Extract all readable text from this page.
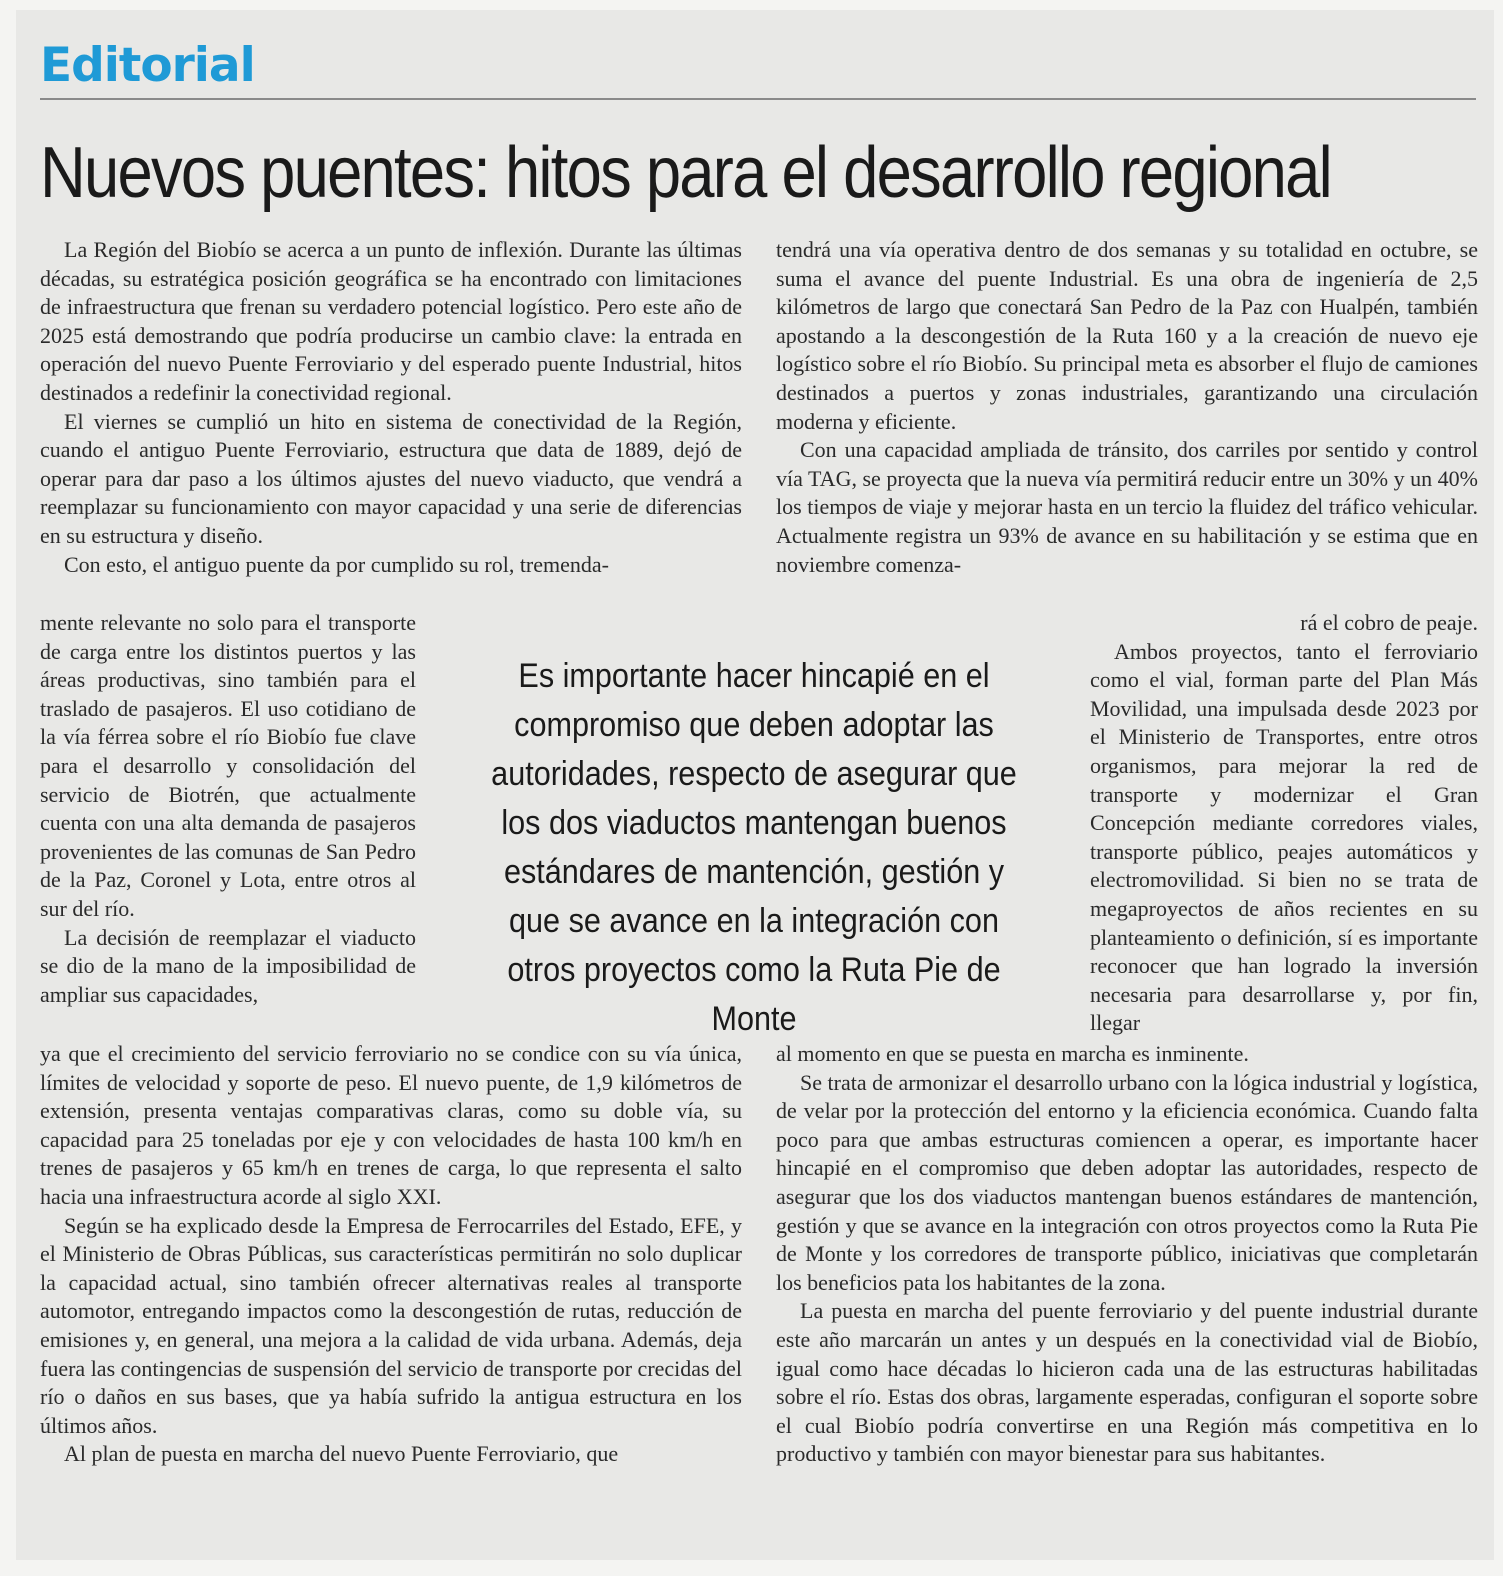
Editorial
Nuevos puentes: hitos para el desarrollo regional

La Región del Biobío se acerca a un punto de inflexión. Durante las últimas décadas, su estratégica posición geográfica se ha encontrado con limitaciones de infraestructura que frenan su verdadero potencial logístico. Pero este año de 2025 está demostrando que podría producirse un cambio clave: la entrada en operación del nuevo Puente Ferroviario y del esperado puente Industrial, hitos destinados a redefinir la conectividad regional.

El viernes se cumplió un hito en sistema de conectividad de la Región, cuando el antiguo Puente Ferroviario, estructura que data de 1889, dejó de operar para dar paso a los últimos ajustes del nuevo viaducto, que vendrá a reemplazar su funcionamiento con mayor capacidad y una serie de diferencias en su estructura y diseño.

Con esto, el antiguo puente da por cumplido su rol, tremenda-

mente relevante no solo para el transporte de carga entre los distintos puertos y las áreas productivas, sino también para el traslado de pasajeros. El uso cotidiano de la vía férrea sobre el río Biobío fue clave para el desarrollo y consolidación del servicio de Biotrén, que actualmente cuenta con una alta demanda de pasajeros provenientes de las comunas de San Pedro de la Paz, Coronel y Lota, entre otros al sur del río.

La decisión de reemplazar el viaducto se dio de la mano de la imposibilidad de ampliar sus capacidades,

ya que el crecimiento del servicio ferroviario no se condice con su vía única, límites de velocidad y soporte de peso. El nuevo puente, de 1,9 kilómetros de extensión, presenta ventajas comparativas claras, como su doble vía, su capacidad para 25 toneladas por eje y con velocidades de hasta 100 km/h en trenes de pasajeros y 65 km/h en trenes de carga, lo que representa el salto hacia una infraestructura acorde al siglo XXI.

Según se ha explicado desde la Empresa de Ferrocarriles del Estado, EFE, y el Ministerio de Obras Públicas, sus características permitirán no solo duplicar la capacidad actual, sino también ofrecer alternativas reales al transporte automotor, entregando impactos como la descongestión de rutas, reducción de emisiones y, en general, una mejora a la calidad de vida urbana. Además, deja fuera las contingencias de suspensión del servicio de transporte por crecidas del río o daños en sus bases, que ya había sufrido la antigua estructura en los últimos años.

Al plan de puesta en marcha del nuevo Puente Ferroviario, que

tendrá una vía operativa dentro de dos semanas y su totalidad en octubre, se suma el avance del puente Industrial. Es una obra de ingeniería de 2,5 kilómetros de largo que conectará San Pedro de la Paz con Hualpén, también apostando a la descongestión de la Ruta 160 y a la creación de nuevo eje logístico sobre el río Biobío. Su principal meta es absorber el flujo de camiones destinados a puertos y zonas industriales, garantizando una circulación moderna y eficiente.

Con una capacidad ampliada de tránsito, dos carriles por sentido y control vía TAG, se proyecta que la nueva vía permitirá reducir entre un 30% y un 40% los tiempos de viaje y mejorar hasta en un tercio la fluidez del tráfico vehicular. Actualmente registra un 93% de avance en su habilitación y se estima que en noviembre comenza-

rá el cobro de peaje.

Ambos proyectos, tanto el ferroviario como el vial, forman parte del Plan Más Movilidad, una impulsada desde 2023 por el Ministerio de Transportes, entre otros organismos, para mejorar la red de transporte y modernizar el Gran Concepción mediante corredores viales, transporte público, peajes automáticos y electromovilidad. Si bien no se trata de megaproyectos de años recientes en su planteamiento o definición, sí es importante reconocer que han logrado la inversión necesaria para desarrollarse y, por fin, llegar

al momento en que se puesta en marcha es inminente.

Se trata de armonizar el desarrollo urbano con la lógica industrial y logística, de velar por la protección del entorno y la eficiencia económica. Cuando falta poco para que ambas estructuras comiencen a operar, es importante hacer hincapié en el compromiso que deben adoptar las autoridades, respecto de asegurar que los dos viaductos mantengan buenos estándares de mantención, gestión y que se avance en la integración con otros proyectos como la Ruta Pie de Monte y los corredores de transporte público, iniciativas que completarán los beneficios pata los habitantes de la zona.

La puesta en marcha del puente ferroviario y del puente industrial durante este año marcarán un antes y un después en la conectividad vial de Biobío, igual como hace décadas lo hicieron cada una de las estructuras habilitadas sobre el río. Estas dos obras, largamente esperadas, configuran el soporte sobre el cual Biobío podría convertirse en una Región más competitiva en lo productivo y también con mayor bienestar para sus habitantes.

Es importante hacer hincapié en el compromiso que deben adoptar las autoridades, respecto de asegurar que los dos viaductos mantengan buenos estándares de mantención, gestión y que se avance en la integración con otros proyectos como la Ruta Pie de Monte
